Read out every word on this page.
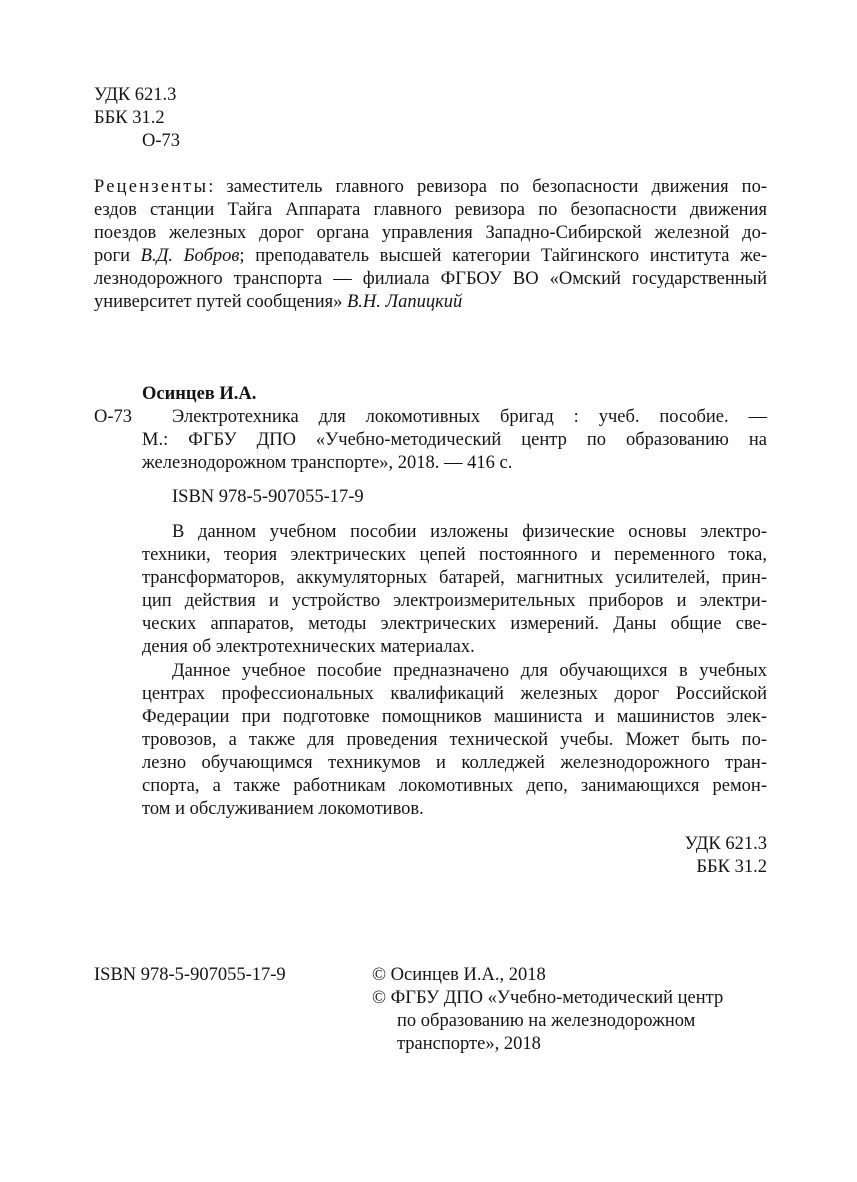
УДК 621.3
ББК 31.2
О-73
Рецензенты: заместитель главного ревизора по безопасности движения по-
ездов станции Тайга Аппарата главного ревизора по безопасности движения
поездов железных дорог органа управления Западно-Сибирской железной до-
роги В.Д. Бобров; преподаватель высшей категории Тайгинского института же-
лезнодорожного транспорта — филиала ФГБОУ ВО «Омский государственный
университет путей сообщения» В.Н. Лапицкий
Осинцев И.А.
О-73 Электротехника для локомотивных бригад : учеб. пособие. —
М.: ФГБУ ДПО «Учебно-методический центр по образованию на
железнодорожном транспорте», 2018. — 416 с.
ISBN 978-5-907055-17-9
В данном учебном пособии изложены физические основы электро-
техники, теория электрических цепей постоянного и переменного тока,
трансформаторов, аккумуляторных батарей, магнитных усилителей, прин-
цип действия и устройство электроизмерительных приборов и электри-
ческих аппаратов, методы электрических измерений. Даны общие све-
дения об электротехнических материалах.
Данное учебное пособие предназначено для обучающихся в учебных
центрах профессиональных квалификаций железных дорог Российской
Федерации при подготовке помощников машиниста и машинистов элек-
тровозов, а также для проведения технической учебы. Может быть по-
лезно обучающимся техникумов и колледжей железнодорожного тран-
спорта, а также работникам локомотивных депо, занимающихся ремон-
том и обслуживанием локомотивов.
УДК 621.3
ББК 31.2
ISBN 978-5-907055-17-9	© Осинцев И.А., 2018
© ФГБУ ДПО «Учебно-методический центр
по образованию на железнодорожном
транспорте», 2018
